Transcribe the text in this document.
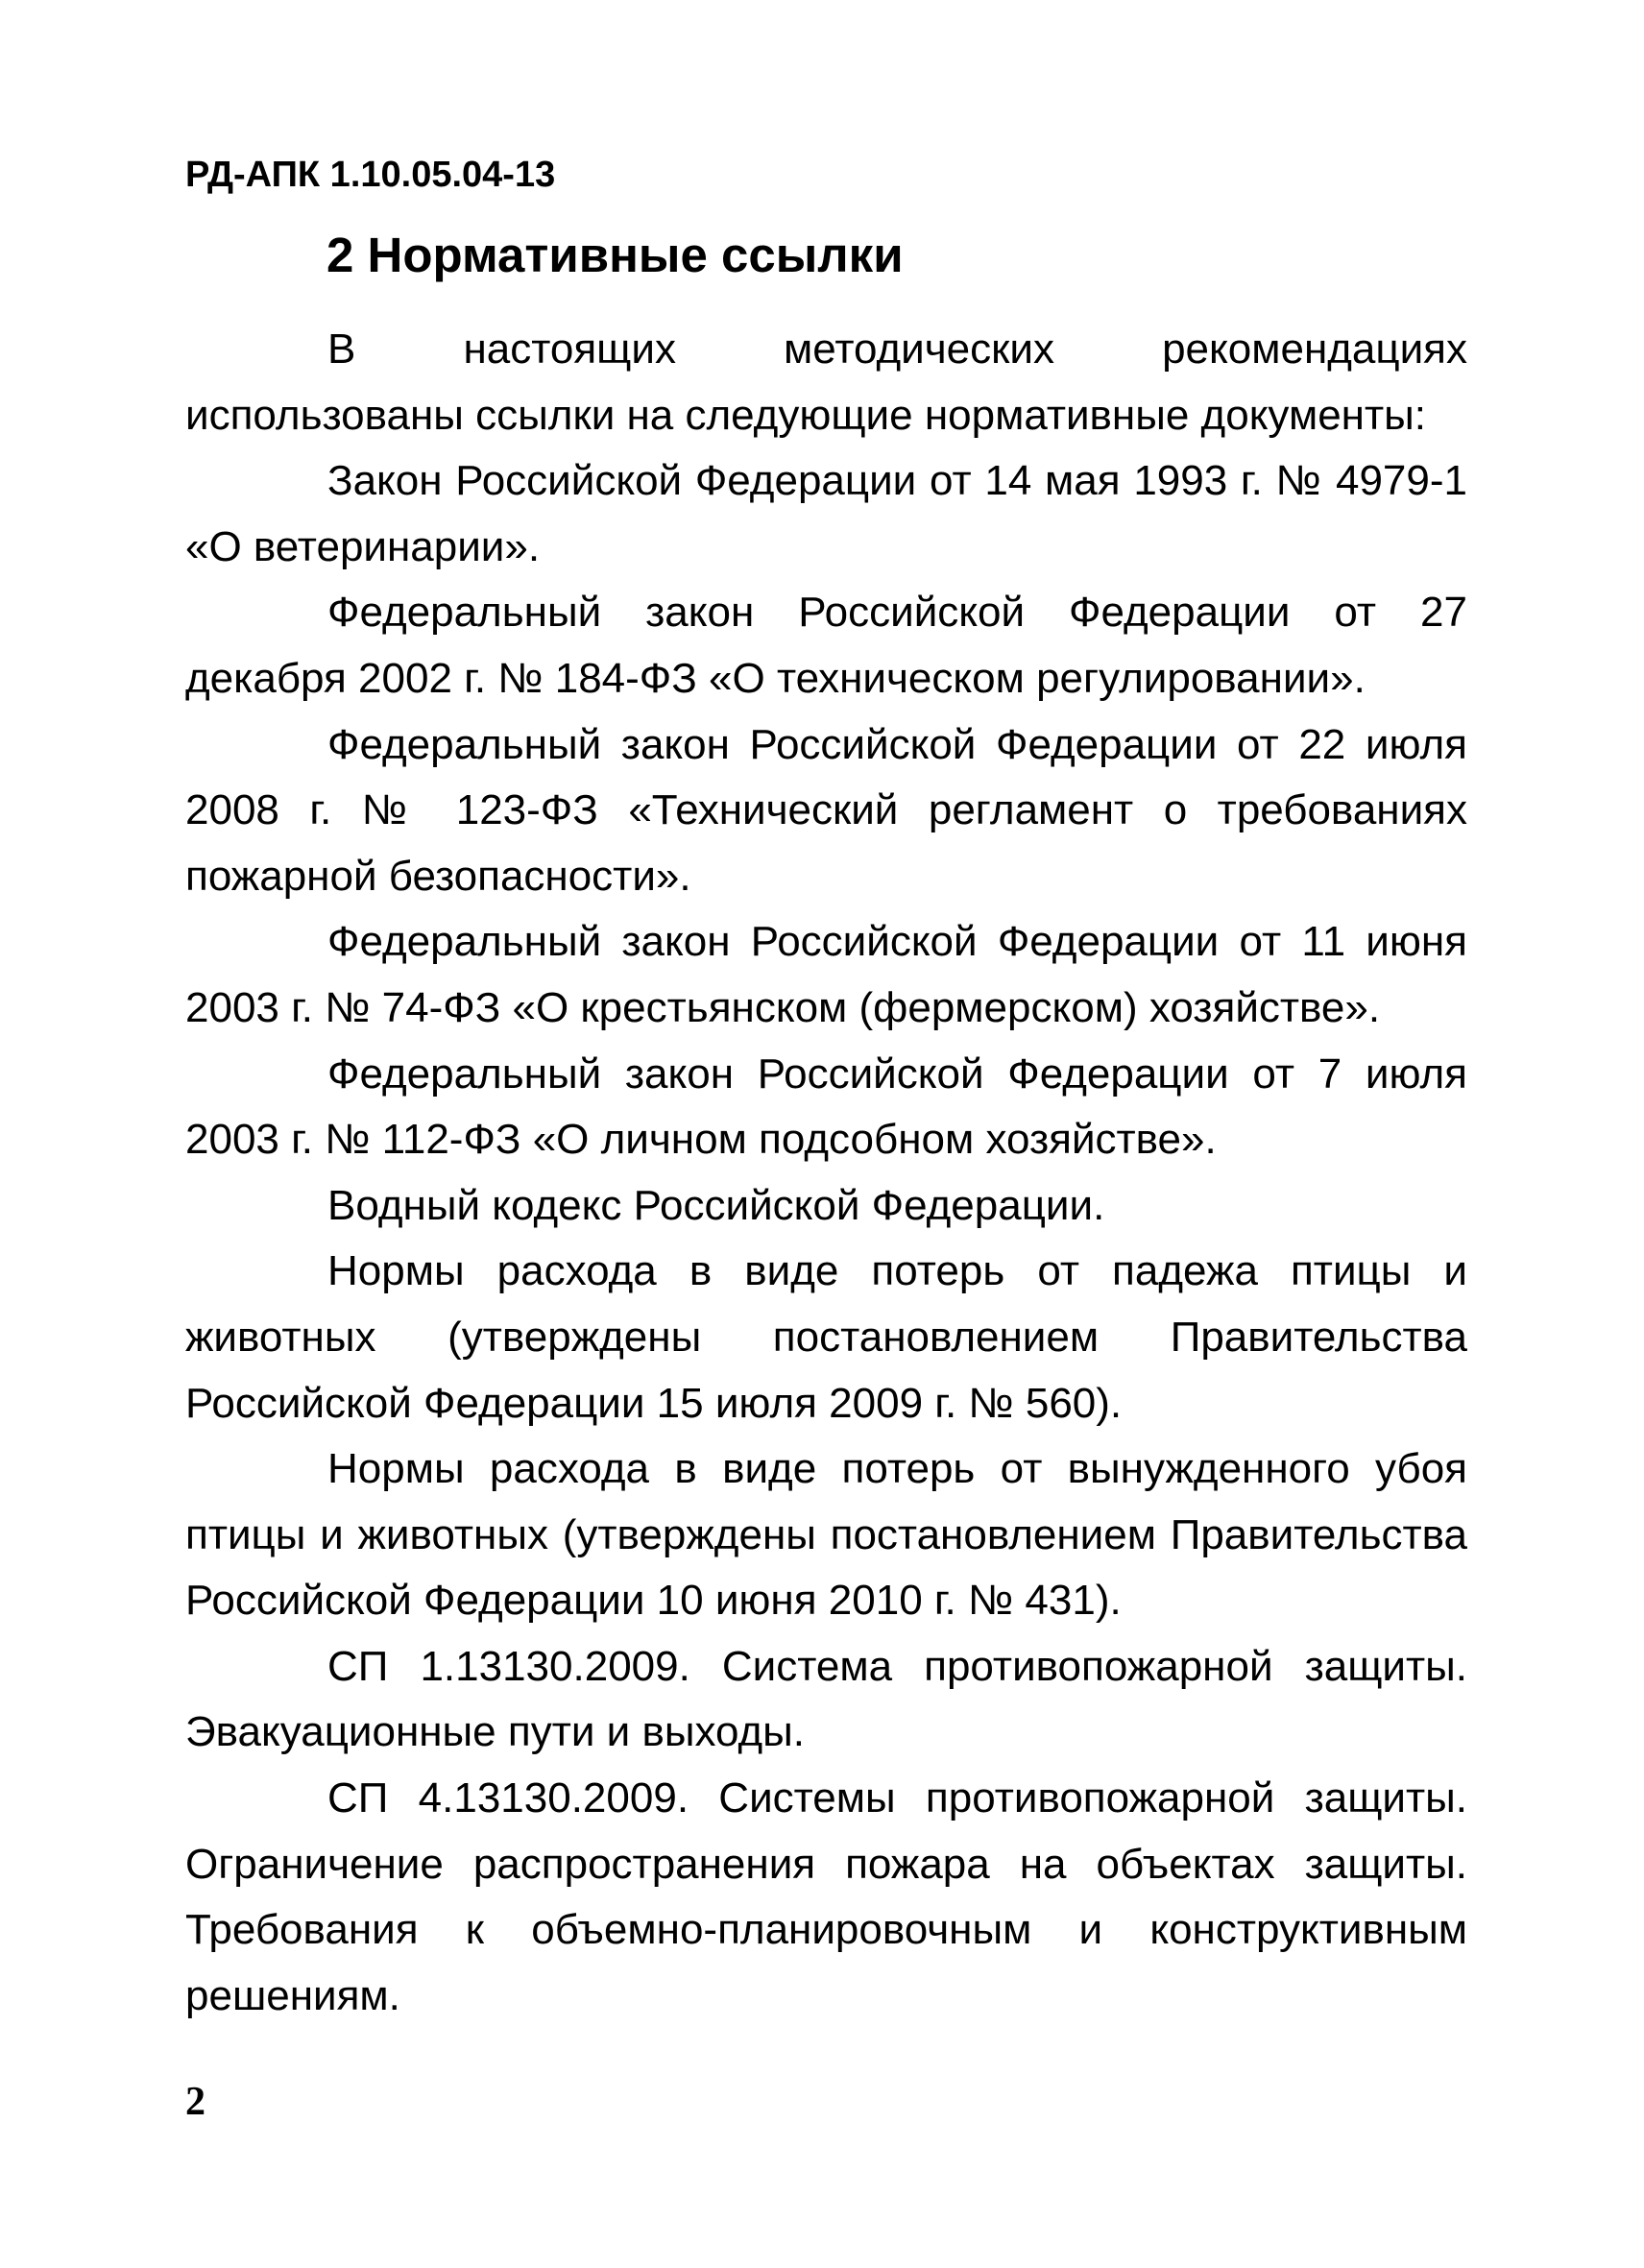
РД-АПК 1.10.05.04-13
2 Нормативные ссылки

В настоящих методических рекомендациях использованы ссылки на следующие нормативные документы:

Закон Российской Федерации от 14 мая 1993 г. № 4979-1 «О ветеринарии».

Федеральный закон Российской Федерации от 27 декабря 2002 г. № 184-ФЗ «О техническом регулировании».

Федеральный закон Российской Федерации от 22 июля 2008 г. № 123-ФЗ «Технический регламент о требованиях пожарной безопасности».

Федеральный закон Российской Федерации от 11 июня 2003 г. № 74-ФЗ «О крестьянском (фермерском) хозяйстве».

Федеральный закон Российской Федерации от 7 июля 2003 г. № 112-ФЗ «О личном подсобном хозяйстве».

Водный кодекс Российской Федерации.

Нормы расхода в виде потерь от падежа птицы и животных (утверждены постановлением Правительства Российской Федерации 15 июля 2009 г. № 560).

Нормы расхода в виде потерь от вынужденного убоя птицы и животных (утверждены постановлением Правительства Российской Федерации 10 июня 2010 г. № 431).

СП 1.13130.2009. Система противопожарной защиты. Эвакуационные пути и выходы.

СП 4.13130.2009. Системы противопожарной защиты. Ограничение распространения пожара на объектах защиты. Требования к объемно-планировочным и конструктивным решениям.

2
